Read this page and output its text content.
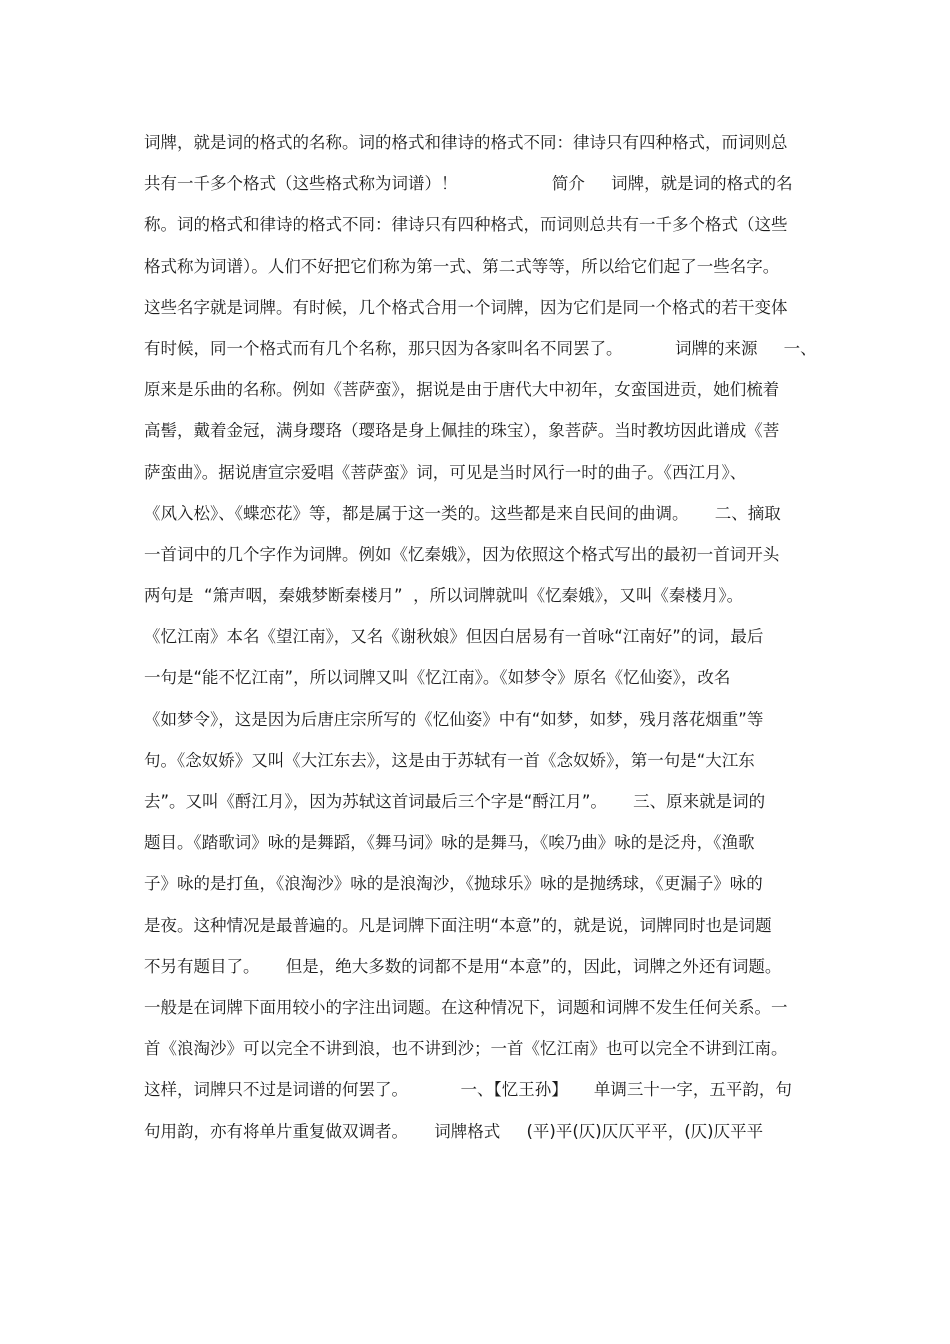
词牌，就是词的格式的名称。词的格式和律诗的格式不同：律诗只有四种格式，而词则总
共有一千多个格式（这些格式称为词谱）！                  简介     词牌，就是词的格式的名
称。词的格式和律诗的格式不同：律诗只有四种格式，而词则总共有一千多个格式（这些
格式称为词谱）。人们不好把它们称为第一式、第二式等等，所以给它们起了一些名字。
这些名字就是词牌。有时候，几个格式合用一个词牌，因为它们是同一个格式的若干变体
有时候，同一个格式而有几个名称，那只因为各家叫名不同罢了。          词牌的来源     一、
原来是乐曲的名称。例如《菩萨蛮》，据说是由于唐代大中初年，女蛮国进贡，她们梳着
高髻，戴着金冠，满身璎珞（璎珞是身上佩挂的珠宝），象菩萨。当时教坊因此谱成《菩
萨蛮曲》。据说唐宣宗爱唱《菩萨蛮》词，可见是当时风行一时的曲子。《西江月》、
《风入松》、《蝶恋花》等，都是属于这一类的。这些都是来自民间的曲调。     二、摘取
一首词中的几个字作为词牌。例如《忆秦娥》，因为依照这个格式写出的最初一首词开头
两句是  “箫声咽，秦娥梦断秦楼月”  ，所以词牌就叫《忆秦娥》，又叫《秦楼月》。
《忆江南》本名《望江南》，又名《谢秋娘》但因白居易有一首咏“江南好”的词，最后
一句是“能不忆江南”，所以词牌又叫《忆江南》。《如梦令》原名《忆仙姿》，改名
《如梦令》，这是因为后唐庄宗所写的《忆仙姿》中有“如梦，如梦，残月落花烟重”等
句。《念奴娇》又叫《大江东去》，这是由于苏轼有一首《念奴娇》，第一句是“大江东
去”。又叫《酹江月》，因为苏轼这首词最后三个字是“酹江月”。     三、原来就是词的
题目。《踏歌词》咏的是舞蹈，《舞马词》咏的是舞马，《唉乃曲》咏的是泛舟，《渔歌
子》咏的是打鱼，《浪淘沙》咏的是浪淘沙，《抛球乐》咏的是抛绣球，《更漏子》咏的
是夜。这种情况是最普遍的。凡是词牌下面注明“本意”的，就是说，词牌同时也是词题
不另有题目了。     但是，绝大多数的词都不是用“本意”的，因此，词牌之外还有词题。
一般是在词牌下面用较小的字注出词题。在这种情况下，词题和词牌不发生任何关系。一
首《浪淘沙》可以完全不讲到浪，也不讲到沙；一首《忆江南》也可以完全不讲到江南。
这样，词牌只不过是词谱的何罢了。          一、【忆王孙】     单调三十一字，五平韵，句
句用韵，亦有将单片重复做双调者。     词牌格式     (平)平(仄)仄仄平平，(仄)仄平平
